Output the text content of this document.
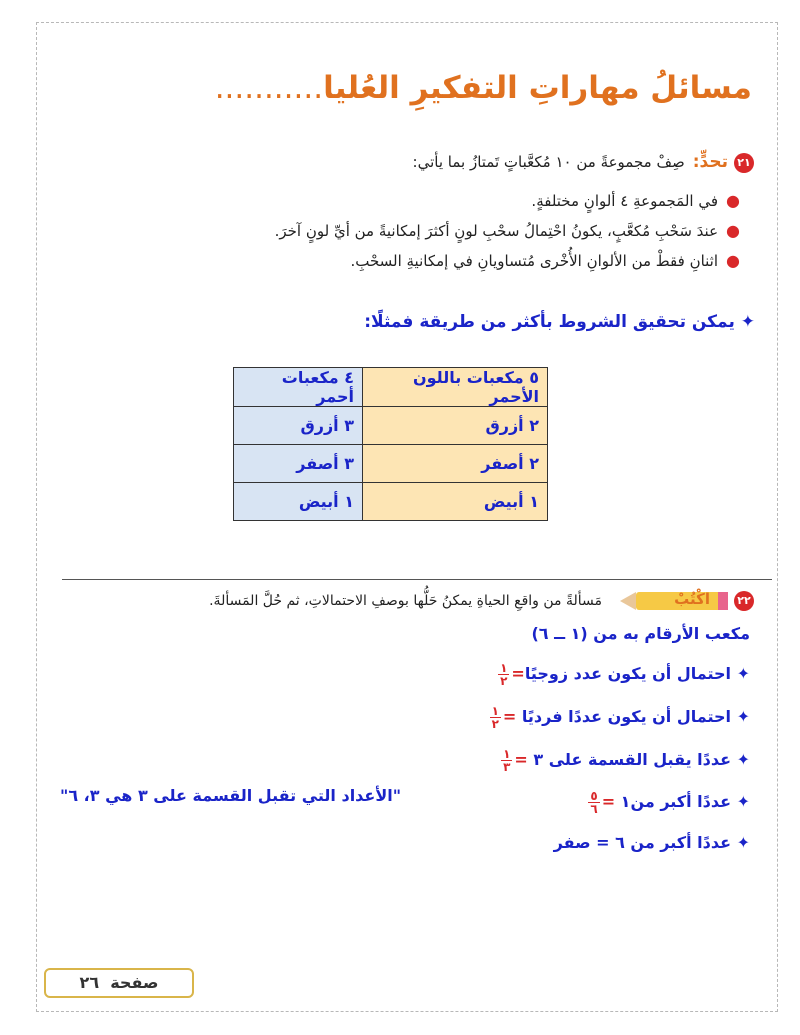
مسائلُ مهاراتِ التفكيرِ العُليا...........
٢١تحدٍّ:صِفْ مجموعةً من ١٠ مُكعَّباتٍ تَمتازُ بما يأتي:
●في المَجموعةِ ٤ ألوانٍ مختلفةٍ.
●عندَ سَحْبِ مُكعَّبٍ، يكونُ احْتِمالُ سحْبِ لونٍ أكثرَ إمكانيةً من أيِّ لونٍ آخرَ.
●اثنانِ فقطْ من الألوانِ الأُخْرى مُتساويانِ في إمكانيةِ السحْبِ.
✦ يمكن تحقيق الشروط بأكثر من طريقة فمثلًا:
٥ مكعبات باللون الأحمر	٤ مكعبات أحمر
٢ أزرق	٣ أزرق
٢ أصفر	٣ أصفر
١ أبيض	١ أبيض
٢٢
اكْتُبْ
مَسألةً من واقعِ الحياةِ يمكنُ حَلُّها بوصفِ الاحتمالاتِ، ثم حُلَّ المَسألةَ.
مكعب الأرقام به من (١ ــ ٦)
✦ احتمال أن يكون عدد زوجيًا=
$\frac{١}{٢}$
✦ احتمال أن يكون عددًا فرديًا =
$\frac{١}{٢}$
✦ عددًا يقبل القسمة على ٣ =
$\frac{١}{٣}$
"الأعداد التي تقبل القسمة على ٣ هي ٣، ٦"	✦ عددًا أكبر من١ =
$\frac{٥}{٦}$
✦ عددًا أكبر من ٦ = صفر
صفحة  ٢٦
